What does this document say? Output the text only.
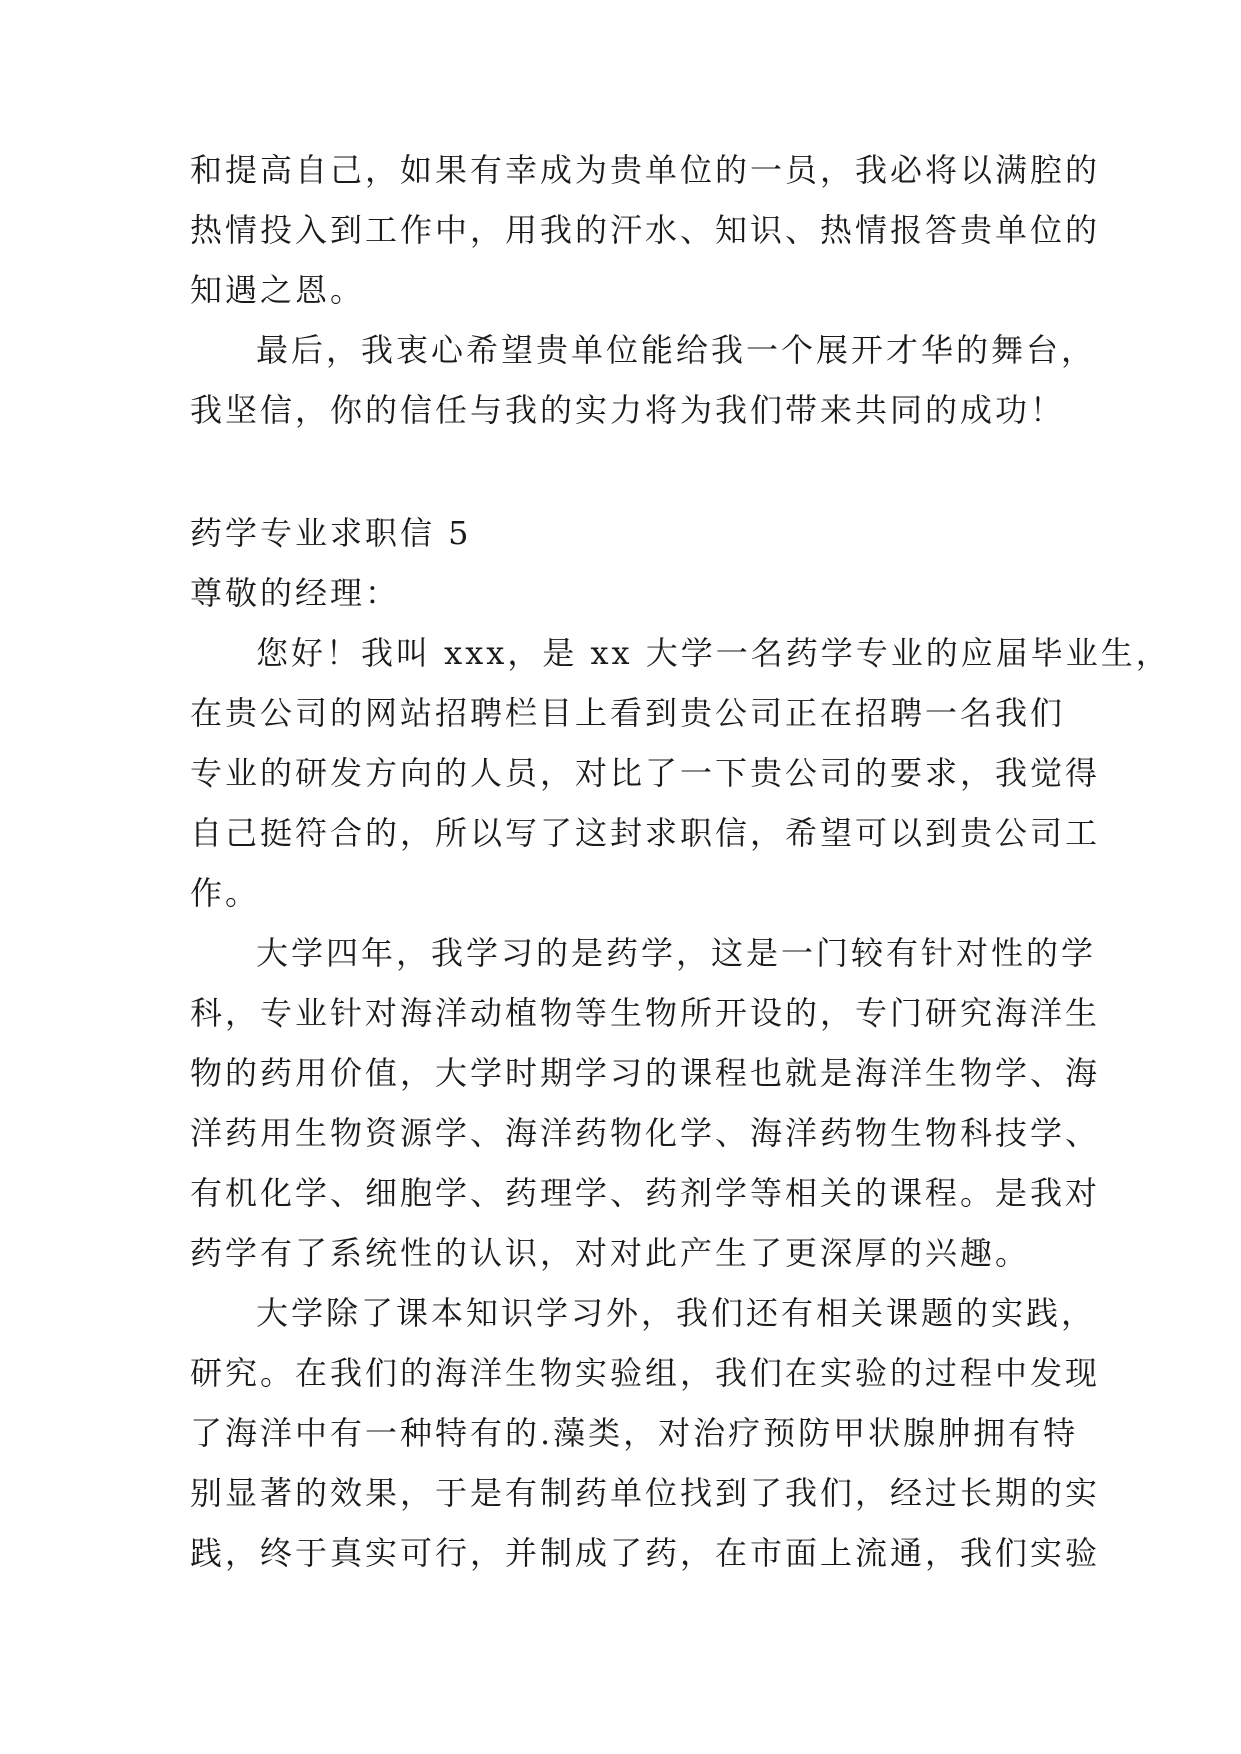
和提高自己，如果有幸成为贵单位的一员，我必将以满腔的
热情投入到工作中，用我的汗水、知识、热情报答贵单位的
知遇之恩。
最后，我衷心希望贵单位能给我一个展开才华的舞台，
我坚信，你的信任与我的实力将为我们带来共同的成功！
药学专业求职信 5
尊敬的经理：
您好！我叫 xxx，是 xx 大学一名药学专业的应届毕业生，
在贵公司的网站招聘栏目上看到贵公司正在招聘一名我们
专业的研发方向的人员，对比了一下贵公司的要求，我觉得
自己挺符合的，所以写了这封求职信，希望可以到贵公司工
作。
大学四年，我学习的是药学，这是一门较有针对性的学
科，专业针对海洋动植物等生物所开设的，专门研究海洋生
物的药用价值，大学时期学习的课程也就是海洋生物学、海
洋药用生物资源学、海洋药物化学、海洋药物生物科技学、
有机化学、细胞学、药理学、药剂学等相关的课程。是我对
药学有了系统性的认识，对对此产生了更深厚的兴趣。
大学除了课本知识学习外，我们还有相关课题的实践，
研究。在我们的海洋生物实验组，我们在实验的过程中发现
了海洋中有一种特有的.藻类，对治疗预防甲状腺肿拥有特
别显著的效果，于是有制药单位找到了我们，经过长期的实
践，终于真实可行，并制成了药，在市面上流通，我们实验
